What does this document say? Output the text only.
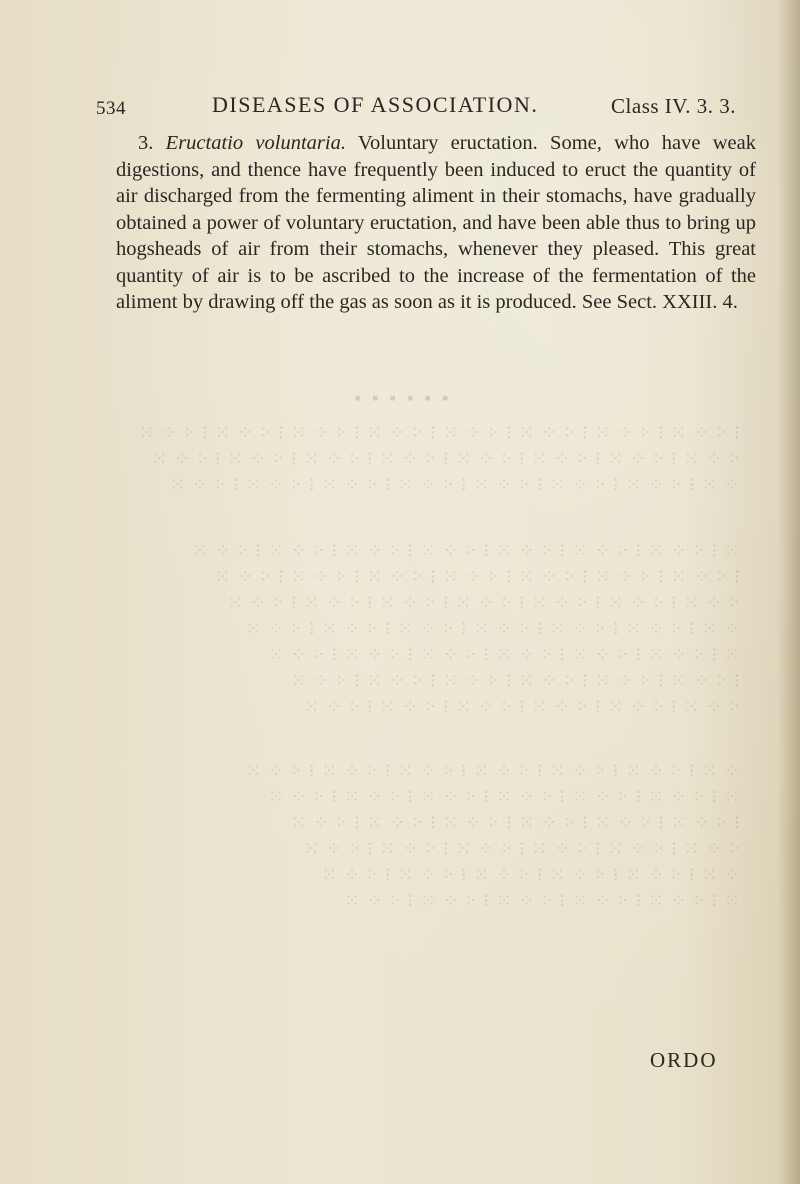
534	DISEASES OF ASSOCIATION.	Class IV. 3. 3.

3. Eructatio voluntaria. Voluntary eructation. Some, who have weak digestions, and thence have frequently been induced to eruct the quantity of air discharged from the fermenting aliment in their stomachs, have gradually obtained a power of voluntary eructation, and have been able thus to bring up hogsheads of air from their stomachs, whenever they pleased. This great quantity of air is to be ascribed to the increase of the fermentation of the aliment by drawing off the gas as soon as it is produced. See Sect. XXIII. 4.

▪ ▪ ▪ ▪ ▪ ▪
⁝ ⁖ ⁘ ⁙ ⁝ ⁖ ⁘ ⁙ ⁝ ⁖ ⁘ ⁙ ⁝ ⁖ ⁘ ⁙ ⁝ ⁖ ⁘ ⁙ ⁝ ⁖ ⁘ ⁙ ⁝ ⁖ ⁘ ⁙ ⁝ ⁖ ⁘ ⁙
⁖ ⁘ ⁙ ⁝ ⁖ ⁘ ⁙ ⁝ ⁖ ⁘ ⁙ ⁝ ⁖ ⁘ ⁙ ⁝ ⁖ ⁘ ⁙ ⁝ ⁖ ⁘ ⁙ ⁝ ⁖ ⁘ ⁙ ⁝ ⁖ ⁘ ⁙
⁘ ⁙ ⁝ ⁖ ⁘ ⁙ ⁝ ⁖ ⁘ ⁙ ⁝ ⁖ ⁘ ⁙ ⁝ ⁖ ⁘ ⁙ ⁝ ⁖ ⁘ ⁙ ⁝ ⁖ ⁘ ⁙ ⁝ ⁖ ⁘ ⁙
⁙ ⁝ ⁖ ⁘ ⁙ ⁝ ⁖ ⁘ ⁙ ⁝ ⁖ ⁘ ⁙ ⁝ ⁖ ⁘ ⁙ ⁝ ⁖ ⁘ ⁙ ⁝ ⁖ ⁘ ⁙ ⁝ ⁖ ⁘ ⁙
⁝ ⁖ ⁘ ⁙ ⁝ ⁖ ⁘ ⁙ ⁝ ⁖ ⁘ ⁙ ⁝ ⁖ ⁘ ⁙ ⁝ ⁖ ⁘ ⁙ ⁝ ⁖ ⁘ ⁙ ⁝ ⁖ ⁘ ⁙
⁖ ⁘ ⁙ ⁝ ⁖ ⁘ ⁙ ⁝ ⁖ ⁘ ⁙ ⁝ ⁖ ⁘ ⁙ ⁝ ⁖ ⁘ ⁙ ⁝ ⁖ ⁘ ⁙ ⁝ ⁖ ⁘ ⁙
⁘ ⁙ ⁝ ⁖ ⁘ ⁙ ⁝ ⁖ ⁘ ⁙ ⁝ ⁖ ⁘ ⁙ ⁝ ⁖ ⁘ ⁙ ⁝ ⁖ ⁘ ⁙ ⁝ ⁖ ⁘ ⁙
⁙ ⁝ ⁖ ⁘ ⁙ ⁝ ⁖ ⁘ ⁙ ⁝ ⁖ ⁘ ⁙ ⁝ ⁖ ⁘ ⁙ ⁝ ⁖ ⁘ ⁙ ⁝ ⁖ ⁘ ⁙
⁝ ⁖ ⁘ ⁙ ⁝ ⁖ ⁘ ⁙ ⁝ ⁖ ⁘ ⁙ ⁝ ⁖ ⁘ ⁙ ⁝ ⁖ ⁘ ⁙ ⁝ ⁖ ⁘ ⁙
⁖ ⁘ ⁙ ⁝ ⁖ ⁘ ⁙ ⁝ ⁖ ⁘ ⁙ ⁝ ⁖ ⁘ ⁙ ⁝ ⁖ ⁘ ⁙ ⁝ ⁖ ⁘ ⁙
⁘ ⁙ ⁝ ⁖ ⁘ ⁙ ⁝ ⁖ ⁘ ⁙ ⁝ ⁖ ⁘ ⁙ ⁝ ⁖ ⁘ ⁙ ⁝ ⁖ ⁘ ⁙ ⁝ ⁖ ⁘ ⁙
⁙ ⁝ ⁖ ⁘ ⁙ ⁝ ⁖ ⁘ ⁙ ⁝ ⁖ ⁘ ⁙ ⁝ ⁖ ⁘ ⁙ ⁝ ⁖ ⁘ ⁙ ⁝ ⁖ ⁘ ⁙
⁝ ⁖ ⁘ ⁙ ⁝ ⁖ ⁘ ⁙ ⁝ ⁖ ⁘ ⁙ ⁝ ⁖ ⁘ ⁙ ⁝ ⁖ ⁘ ⁙ ⁝ ⁖ ⁘ ⁙
⁖ ⁘ ⁙ ⁝ ⁖ ⁘ ⁙ ⁝ ⁖ ⁘ ⁙ ⁝ ⁖ ⁘ ⁙ ⁝ ⁖ ⁘ ⁙ ⁝ ⁖ ⁘ ⁙
⁘ ⁙ ⁝ ⁖ ⁘ ⁙ ⁝ ⁖ ⁘ ⁙ ⁝ ⁖ ⁘ ⁙ ⁝ ⁖ ⁘ ⁙ ⁝ ⁖ ⁘ ⁙
⁙ ⁝ ⁖ ⁘ ⁙ ⁝ ⁖ ⁘ ⁙ ⁝ ⁖ ⁘ ⁙ ⁝ ⁖ ⁘ ⁙ ⁝ ⁖ ⁘ ⁙
ORDO
